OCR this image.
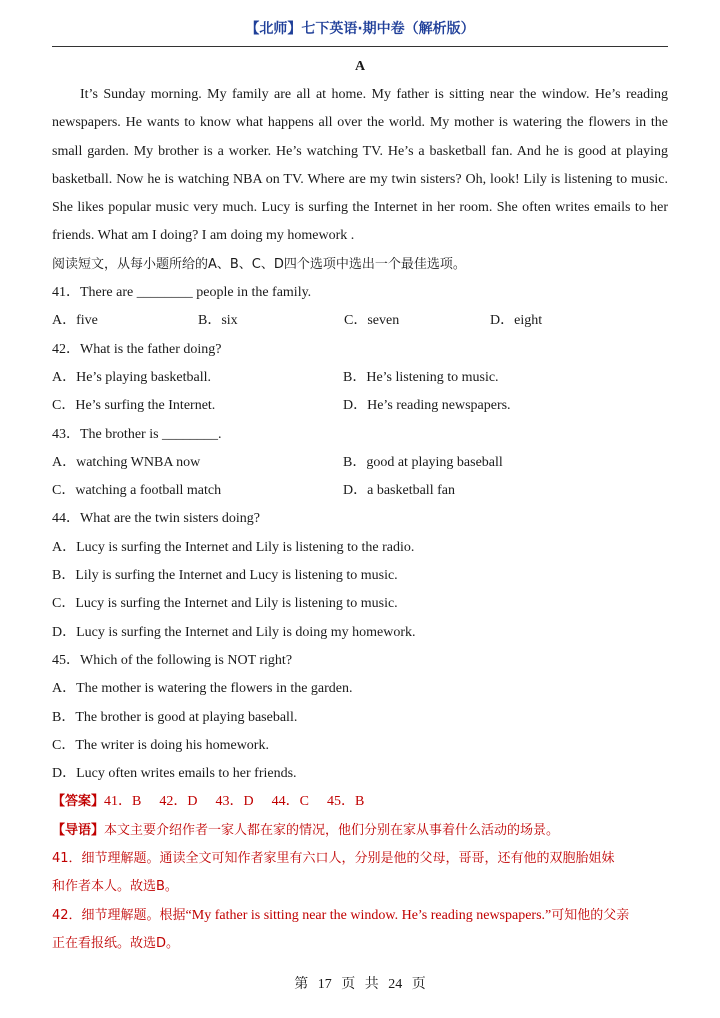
【北师】七下英语·期中卷（解析版）
A

It’s Sunday morning. My family are all at home. My father is sitting near the window. He’s reading newspapers. He wants to know what happens all over the world. My mother is watering the flowers in the small garden. My brother is a worker. He’s watching TV. He’s a basketball fan. And he is good at playing basketball. Now he is watching NBA on TV. Where are my twin sisters? Oh, look! Lily is listening to music. She likes popular music very much. Lucy is surfing the Internet in her room. She often writes emails to her friends. What am I doing? I am doing my homework .

阅读短文，从每小题所给的A、B、C、D四个选项中选出一个最佳选项。

41．There are ________ people in the family.

A．five	B．six	C．seven	D．eight

42．What is the father doing?

A．He’s playing basketball.	B．He’s listening to music.
C．He’s surfing the Internet.	D．He’s reading newspapers.

43．The brother is ________.

A．watching WNBA now	B．good at playing baseball
C．watching a football match	D．a basketball fan

44．What are the twin sisters doing?

A．Lucy is surfing the Internet and Lily is listening to the radio.

B．Lily is surfing the Internet and Lucy is listening to music.

C．Lucy is surfing the Internet and Lily is listening to music.

D．Lucy is surfing the Internet and Lily is doing my homework.

45．Which of the following is NOT right?

A．The mother is watering the flowers in the garden.

B．The brother is good at playing baseball.

C．The writer is doing his homework.

D．Lucy often writes emails to her friends.

【答案】41．B 42．D 43．D 44．C 45．B

【导语】本文主要介绍作者一家人都在家的情况，他们分别在家从事着什么活动的场景。

41．细节理解题。通读全文可知作者家里有六口人，分别是他的父母，哥哥，还有他的双胞胎姐妹

和作者本人。故选B。

42．细节理解题。根据“My father is sitting near the window. He’s reading newspapers.”可知他的父亲

正在看报纸。故选D。

第 17 页 共 24 页
